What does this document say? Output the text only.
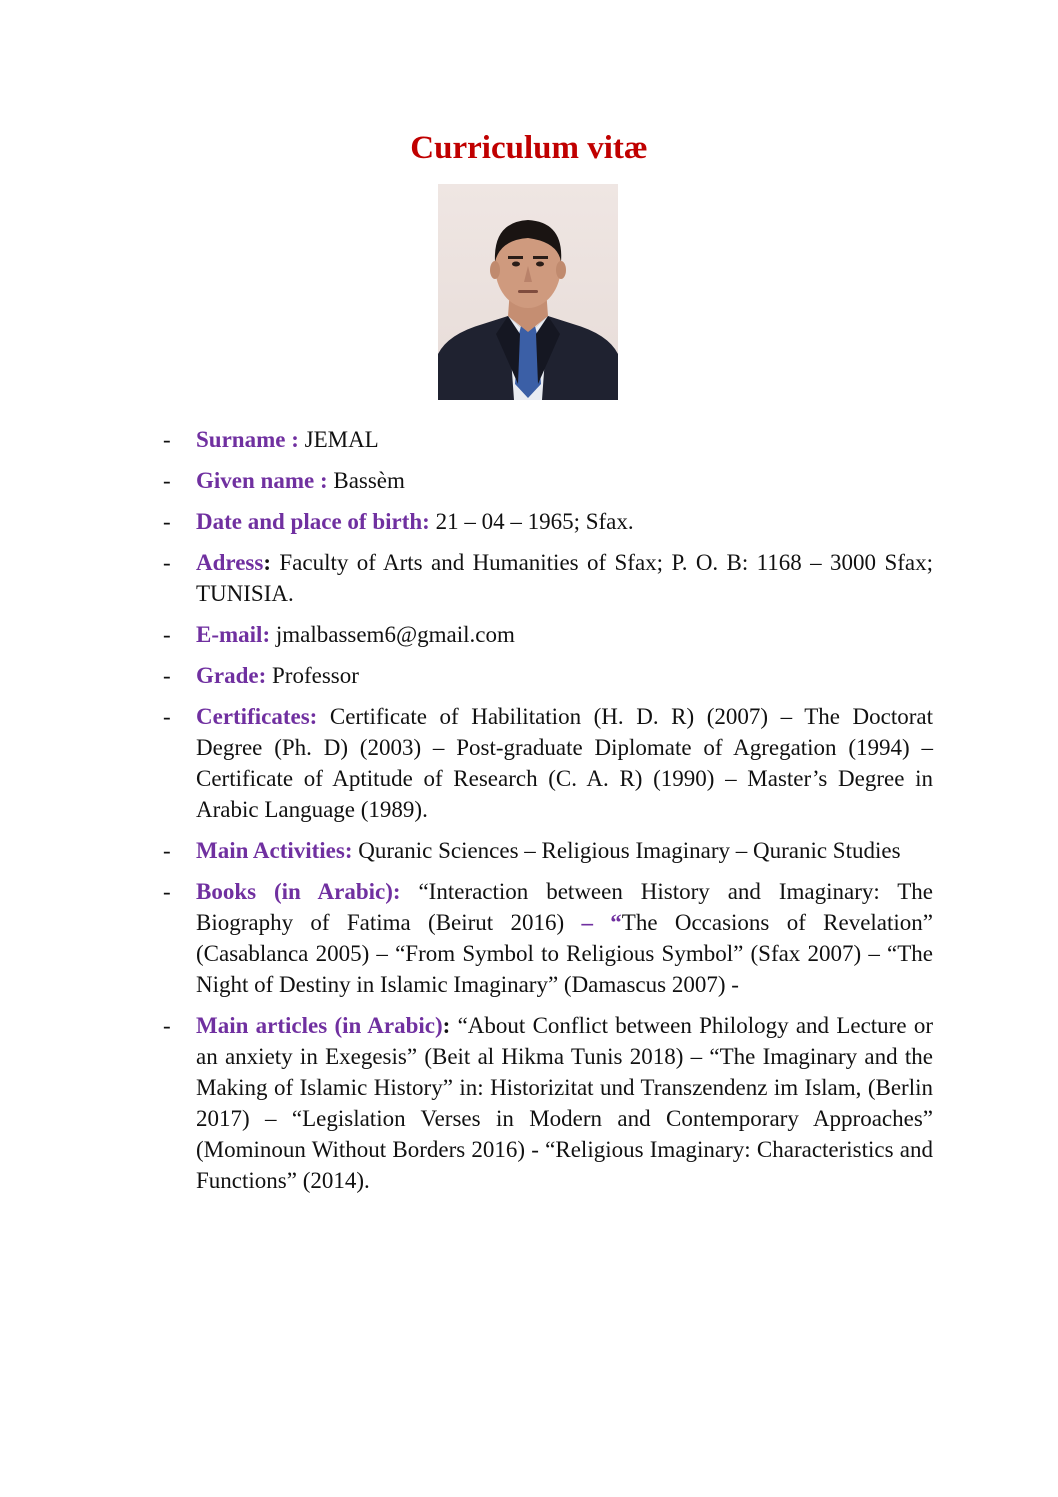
Curriculum vitæ
- Surname : JEMAL
- Given name : Bassèm
- Date and place of birth: 21 – 04 – 1965; Sfax.
- Adress: Faculty of Arts and Humanities of Sfax; P. O. B: 1168 – 3000 Sfax; TUNISIA.
- E-mail: jmalbassem6@gmail.com
- Grade: Professor
- Certificates: Certificate of Habilitation (H. D. R) (2007) – The Doctorat Degree (Ph. D) (2003) – Post-graduate Diplomate of Agregation (1994) – Certificate of Aptitude of Research (C. A. R) (1990) – Master’s Degree in Arabic Language (1989).
- Main Activities: Quranic Sciences – Religious Imaginary – Quranic Studies
- Books (in Arabic): “Interaction between History and Imaginary: The Biography of Fatima (Beirut 2016) – “The Occasions of Revelation” (Casablanca 2005) – “From Symbol to Religious Symbol” (Sfax 2007) – “The Night of Destiny in Islamic Imaginary” (Damascus 2007) -
- Main articles (in Arabic): “About Conflict between Philology and Lecture or an anxiety in Exegesis” (Beit al Hikma Tunis 2018) – “The Imaginary and the Making of Islamic History” in: Historizitat und Transzendenz im Islam, (Berlin 2017) – “Legislation Verses in Modern and Contemporary Approaches” (Mominoun Without Borders 2016) - “Religious Imaginary: Characteristics and Functions” (2014).
